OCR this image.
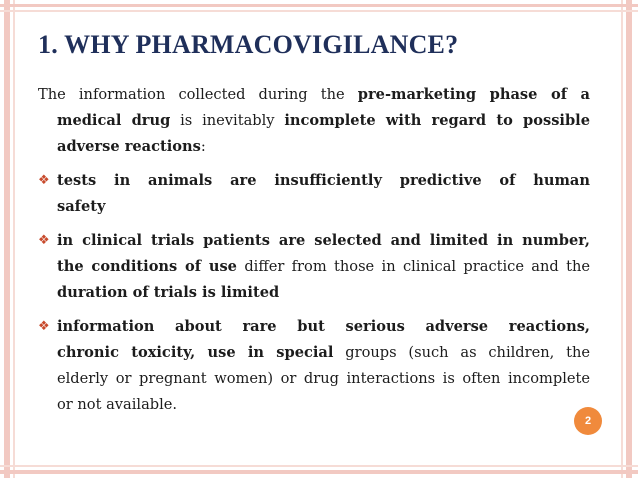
1. WHY PHARMACOVIGILANCE?
The information collected during the pre-marketing phase of a
medical drug is inevitably incomplete with regard to possible
adverse reactions:
❖ tests in animals are insufficiently predictive of human
safety
❖ in clinical trials patients are selected and limited in number,
the conditions of use differ from those in clinical practice and the
duration of trials is limited
❖ information about rare but serious adverse reactions,
chronic toxicity, use in special groups (such as children, the
elderly or pregnant women) or drug interactions is often incomplete
or not available.
2
